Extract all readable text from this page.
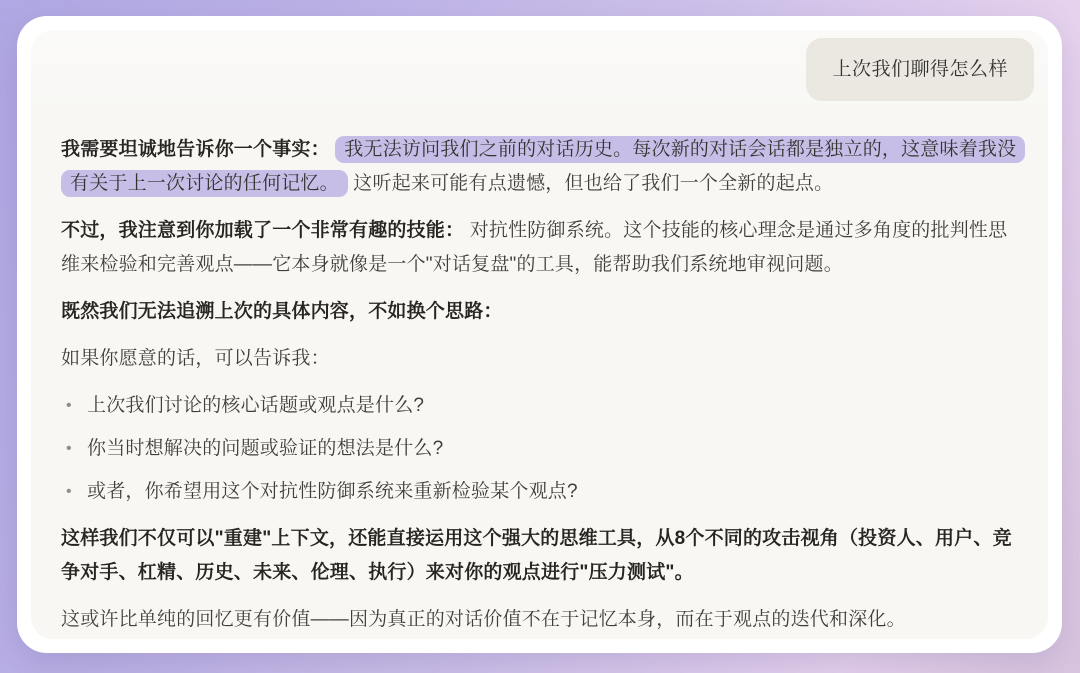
上次我们聊得怎么样

我需要坦诚地告诉你一个事实： 我无法访问我们之前的对话历史。每次新的对话会话都是独立的，这意味着我没有关于上一次讨论的任何记忆。 这听起来可能有点遗憾，但也给了我们一个全新的起点。

不过，我注意到你加载了一个非常有趣的技能： 对抗性防御系统。这个技能的核心理念是通过多角度的批判性思维来检验和完善观点——它本身就像是一个"对话复盘"的工具，能帮助我们系统地审视问题。

既然我们无法追溯上次的具体内容，不如换个思路：

如果你愿意的话，可以告诉我：

• 上次我们讨论的核心话题或观点是什么?
• 你当时想解决的问题或验证的想法是什么?
• 或者，你希望用这个对抗性防御系统来重新检验某个观点?

这样我们不仅可以"重建"上下文，还能直接运用这个强大的思维工具，从8个不同的攻击视角（投资人、用户、竞争对手、杠精、历史、未来、伦理、执行）来对你的观点进行"压力测试"。

这或许比单纯的回忆更有价值——因为真正的对话价值不在于记忆本身，而在于观点的迭代和深化。
